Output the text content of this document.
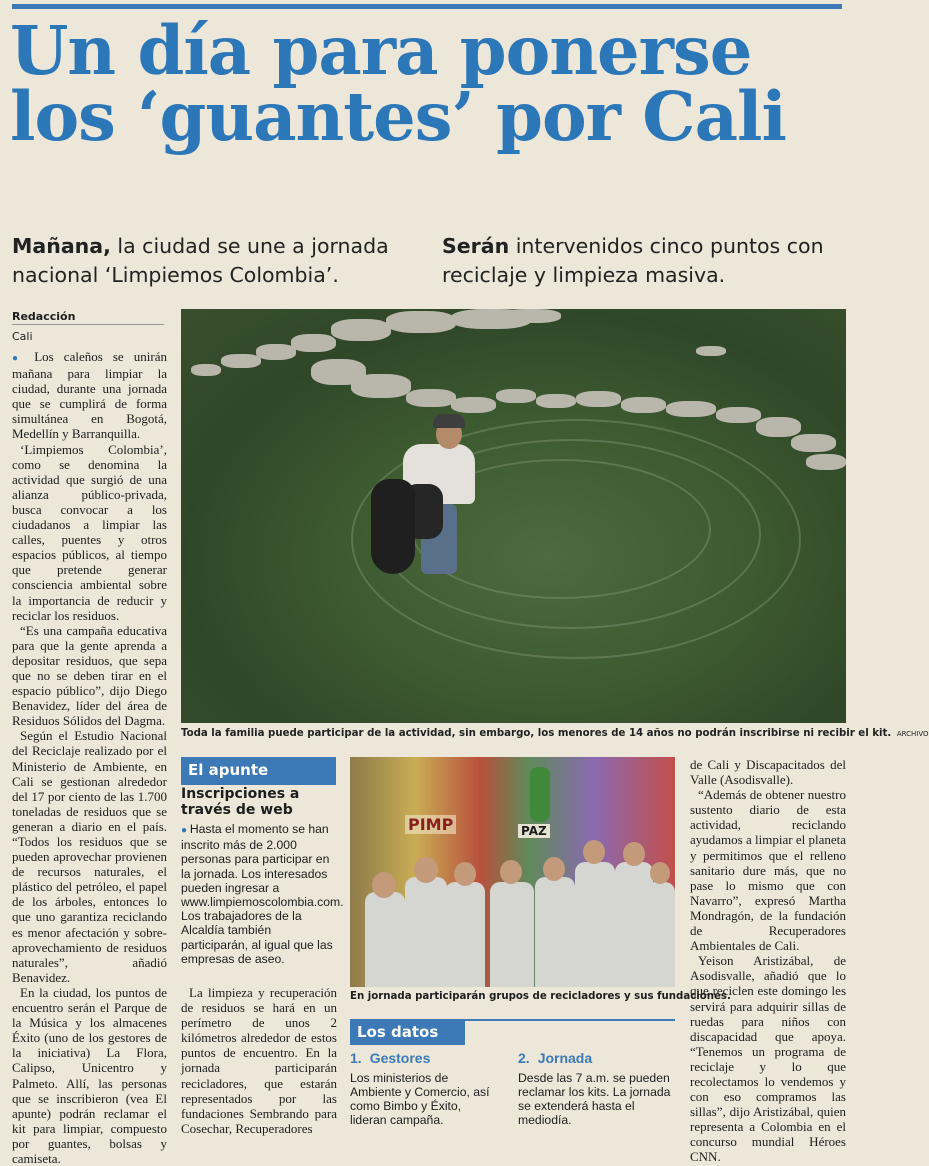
Un día para ponerse
los ‘guantes’ por Cali
Mañana, la ciudad se une a jornada nacional ‘Limpiemos Colombia’.
Serán intervenidos cinco puntos con reciclaje y limpieza masiva.
Redacción
Cali

● Los caleños se unirán mañana para limpiar la ciudad, durante una jornada que se cumplirá de forma simultánea en Bogotá, Medellín y Barranquilla.

‘Limpiemos Colombia’, como se denomina la actividad que surgió de una alianza público-privada, busca convocar a los ciudadanos a limpiar las calles, puentes y otros espacios públicos, al tiempo que pretende generar consciencia ambiental sobre la importancia de reducir y reciclar los residuos.

“Es una campaña educativa para que la gente aprenda a depositar residuos, que sepa que no se deben tirar en el espacio público”, dijo Diego Benavidez, líder del área de Residuos Sólidos del Dagma.

Según el Estudio Nacional del Reciclaje realizado por el Ministerio de Ambiente, en Cali se gestionan alrededor del 17 por ciento de las 1.700 toneladas de residuos que se generan a diario en el país. “Todos los residuos que se pueden aprovechar provienen de recursos naturales, el plástico del petróleo, el papel de los árboles, entonces lo que uno garantiza reciclando es menor afectación y sobre-aprovechamiento de residuos naturales”, añadió Benavidez.

En la ciudad, los puntos de encuentro serán el Parque de la Música y los almacenes Éxito (uno de los gestores de la iniciativa) La Flora, Calipso, Unicentro y Palmeto. Allí, las personas que se inscribieron (vea El apunte) podrán reclamar el kit para limpiar, compuesto por guantes, bolsas y camiseta.

Toda la familia puede participar de la actividad, sin embargo, los menores de 14 años no podrán inscribirse ni recibir el kit. ARCHIVO
El apunte
Inscripciones a través de web
● Hasta el momento se han inscrito más de 2.000 personas para participar en la jornada. Los interesados pueden ingresar a www.limpiemoscolombia.com. Los trabajadores de la Alcaldía también participarán, al igual que las empresas de aseo.

La limpieza y recuperación de residuos se hará en un perímetro de unos 2 kilómetros alrededor de estos puntos de encuentro. En la jornada participarán recicladores, que estarán representados por las fundaciones Sembrando para Cosechar, Recuperadores

PIMP	PAZ
En jornada participarán grupos de recicladores y sus fundaciones.
Los datos
1. Gestores
Los ministerios de Ambiente y Comercio, así como Bimbo y Éxito, lideran campaña.
2. Jornada
Desde las 7 a.m. se pueden reclamar los kits. La jornada se extenderá hasta el mediodía.

de Cali y Discapacitados del Valle (Asodisvalle).

“Además de obtener nuestro sustento diario de esta actividad, reciclando ayudamos a limpiar el planeta y permitimos que el relleno sanitario dure más, que no pase lo mismo que con Navarro”, expresó Martha Mondragón, de la fundación de Recuperadores Ambientales de Cali.

Yeison Aristizábal, de Asodisvalle, añadió que lo que reciclen este domingo les servirá para adquirir sillas de ruedas para niños con discapacidad que apoya. “Tenemos un programa de reciclaje y lo que recolectamos lo vendemos y con eso compramos las sillas”, dijo Aristizábal, quien representa a Colombia en el concurso mundial Héroes CNN.
